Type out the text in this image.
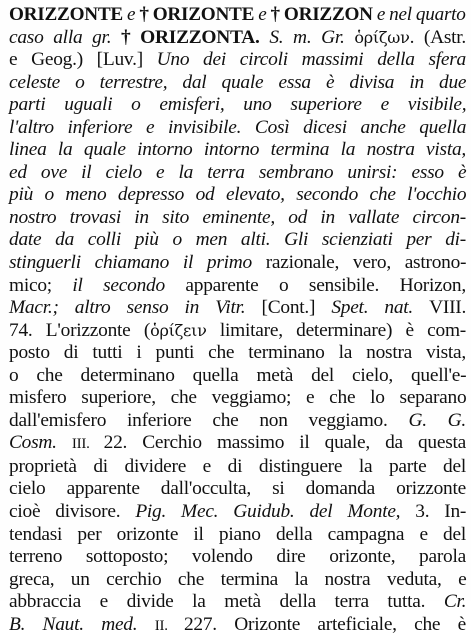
ORIZZONTE e † ORIZONTE e † ORIZZON e nel quarto
caso alla gr. † ORIZZONTA. S. m. Gr. ὁρίζων. (Astr.
e Geog.) [Luv.] Uno dei circoli massimi della sfera
celeste o terrestre, dal quale essa è divisa in due
parti uguali o emisferi, uno superiore e visibile,
l'altro inferiore e invisibile. Così dicesi anche quella
linea la quale intorno intorno termina la nostra vista,
ed ove il cielo e la terra sembrano unirsi: esso è
più o meno depresso od elevato, secondo che l'occhio
nostro trovasi in sito eminente, od in vallate circon-
date da colli più o men alti. Gli scienziati per di-
stinguerli chiamano il primo razionale, vero, astrono-
mico; il secondo apparente o sensibile. Horizon,
Macr.; altro senso in Vitr. [Cont.] Spet. nat. VIII.
74. L'orizzonte (ὁρίζειν limitare, determinare) è com-
posto di tutti i punti che terminano la nostra vista,
o che determinano quella metà del cielo, quell'e-
misfero superiore, che veggiamo; e che lo separano
dall'emisfero inferiore che non veggiamo. G. G.
Cosm. III. 22. Cerchio massimo il quale, da questa
proprietà di dividere e di distinguere la parte del
cielo apparente dall'occulta, si domanda orizzonte
cioè divisore. Pig. Mec. Guidub. del Monte, 3. In-
tendasi per orizonte il piano della campagna e del
terreno sottoposto; volendo dire orizonte, parola
greca, un cerchio che termina la nostra veduta, e
abbraccia e divide la metà della terra tutta. Cr.
B. Naut. med. II. 227. Orizonte arteficiale, che è
